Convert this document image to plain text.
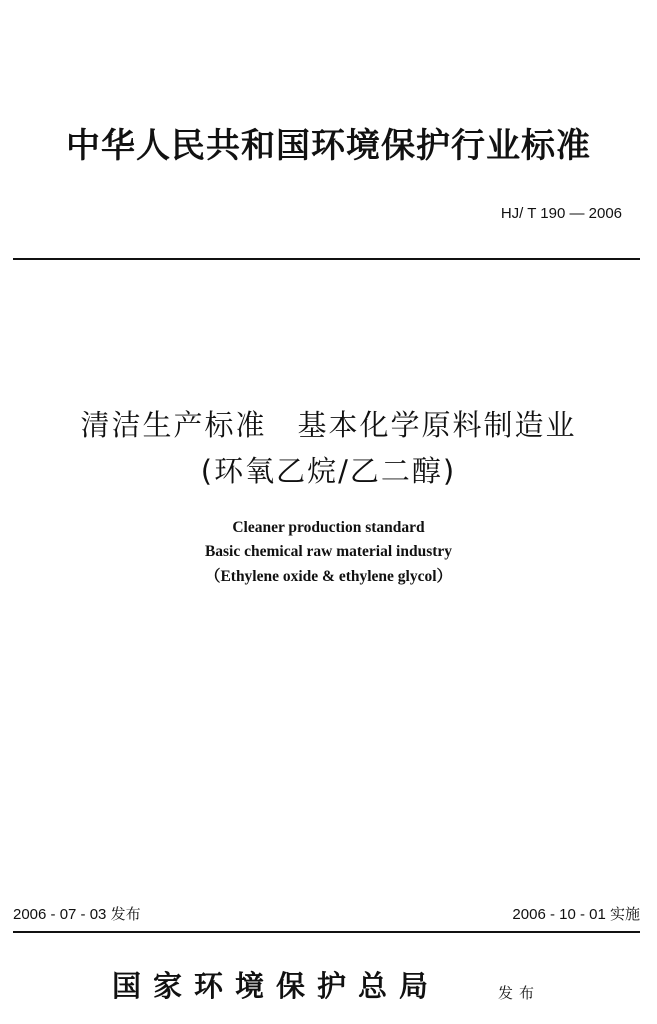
中华人民共和国环境保护行业标准
HJ/ T 190 — 2006
清洁生产标准　基本化学原料制造业
(环氧乙烷/乙二醇)
Cleaner production standard
Basic chemical raw material industry
（Ethylene oxide & ethylene glycol）
2006 - 07 - 03 发布	2006 - 10 - 01 实施
国家环境保护总局	发布
